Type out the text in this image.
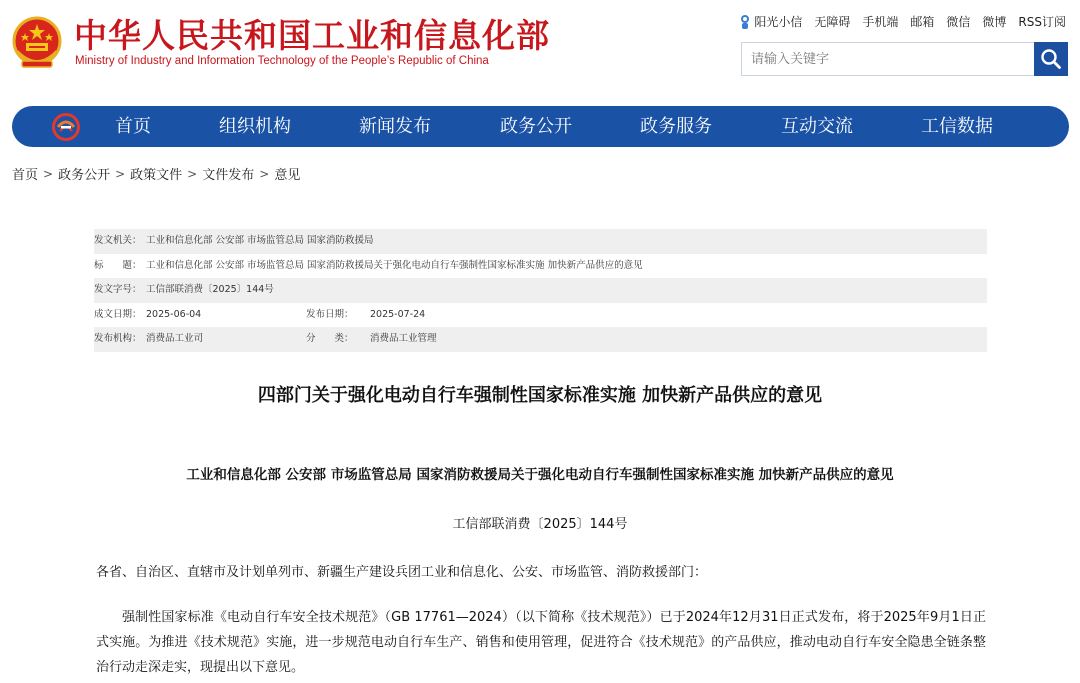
中华人民共和国工业和信息化部
Ministry of Industry and Information Technology of the People’s Republic of China
阳光小信 无障碍 手机端 邮箱 微信 微博 RSS订阅
请输入关键字
首页	组织机构	新闻发布	政务公开	政务服务	互动交流	工信数据
首页 > 政务公开 > 政策文件 > 文件发布 > 意见
发文机关： 工业和信息化部 公安部 市场监管总局 国家消防救援局
标　　题： 工业和信息化部 公安部 市场监管总局 国家消防救援局关于强化电动自行车强制性国家标准实施 加快新产品供应的意见
发文字号： 工信部联消费〔2025〕144号
成文日期： 2025-06-04	发布日期： 2025-07-24
发布机构： 消费品工业司	分　　类： 消费品工业管理
四部门关于强化电动自行车强制性国家标准实施 加快新产品供应的意见
工业和信息化部 公安部 市场监管总局 国家消防救援局关于强化电动自行车强制性国家标准实施 加快新产品供应的意见
工信部联消费〔2025〕144号

各省、自治区、直辖市及计划单列市、新疆生产建设兵团工业和信息化、公安、市场监管、消防救援部门：

强制性国家标准《电动自行车安全技术规范》（GB 17761—2024）（以下简称《技术规范》）已于2024年12月31日正式发布，将于2025年9月1日正式实施。为推进《技术规范》实施，进一步规范电动自行车生产、销售和使用管理，促进符合《技术规范》的产品供应，推动电动自行车安全隐患全链条整治行动走深走实，现提出以下意见。
